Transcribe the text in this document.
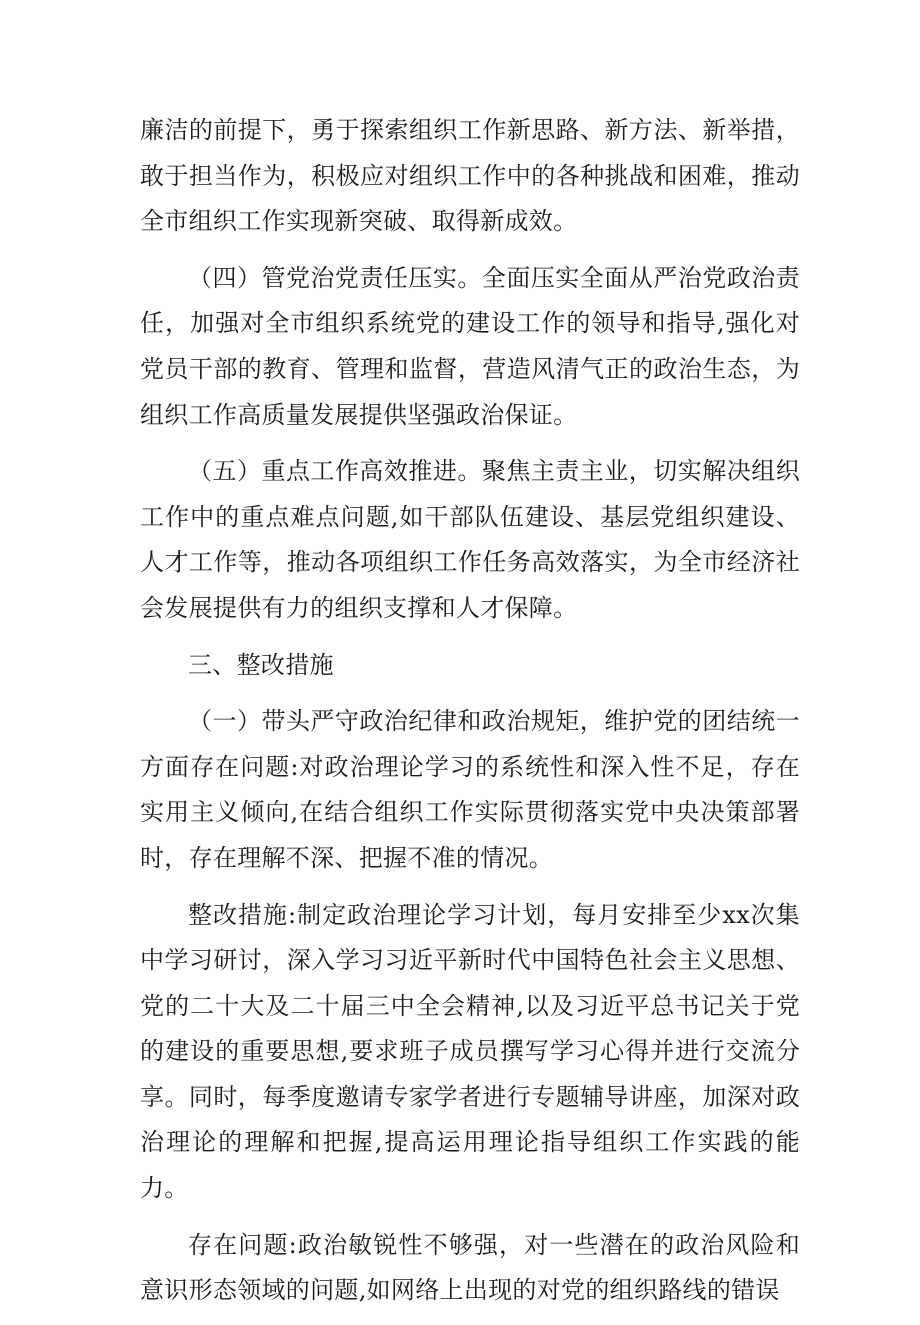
廉洁的前提下，勇于探索组织工作新思路、新方法、新举措，敢于担当作为，积极应对组织工作中的各种挑战和困难，推动全市组织工作实现新突破、取得新成效。

（四）管党治党责任压实。全面压实全面从严治党政治责任，加强对全市组织系统党的建设工作的领导和指导,强化对党员干部的教育、管理和监督，营造风清气正的政治生态，为组织工作高质量发展提供坚强政治保证。

（五）重点工作高效推进。聚焦主责主业，切实解决组织工作中的重点难点问题,如干部队伍建设、基层党组织建设、人才工作等，推动各项组织工作任务高效落实，为全市经济社会发展提供有力的组织支撑和人才保障。

三、整改措施

（一）带头严守政治纪律和政治规矩，维护党的团结统一方面存在问题:对政治理论学习的系统性和深入性不足，存在实用主义倾向,在结合组织工作实际贯彻落实党中央决策部署时，存在理解不深、把握不准的情况。

整改措施:制定政治理论学习计划，每月安排至少xx次集中学习研讨，深入学习习近平新时代中国特色社会主义思想、党的二十大及二十届三中全会精神,以及习近平总书记关于党的建设的重要思想,要求班子成员撰写学习心得并进行交流分享。同时，每季度邀请专家学者进行专题辅导讲座，加深对政治理论的理解和把握,提高运用理论指导组织工作实践的能力。

存在问题:政治敏锐性不够强，对一些潜在的政治风险和意识形态领域的问题,如网络上出现的对党的组织路线的错误
